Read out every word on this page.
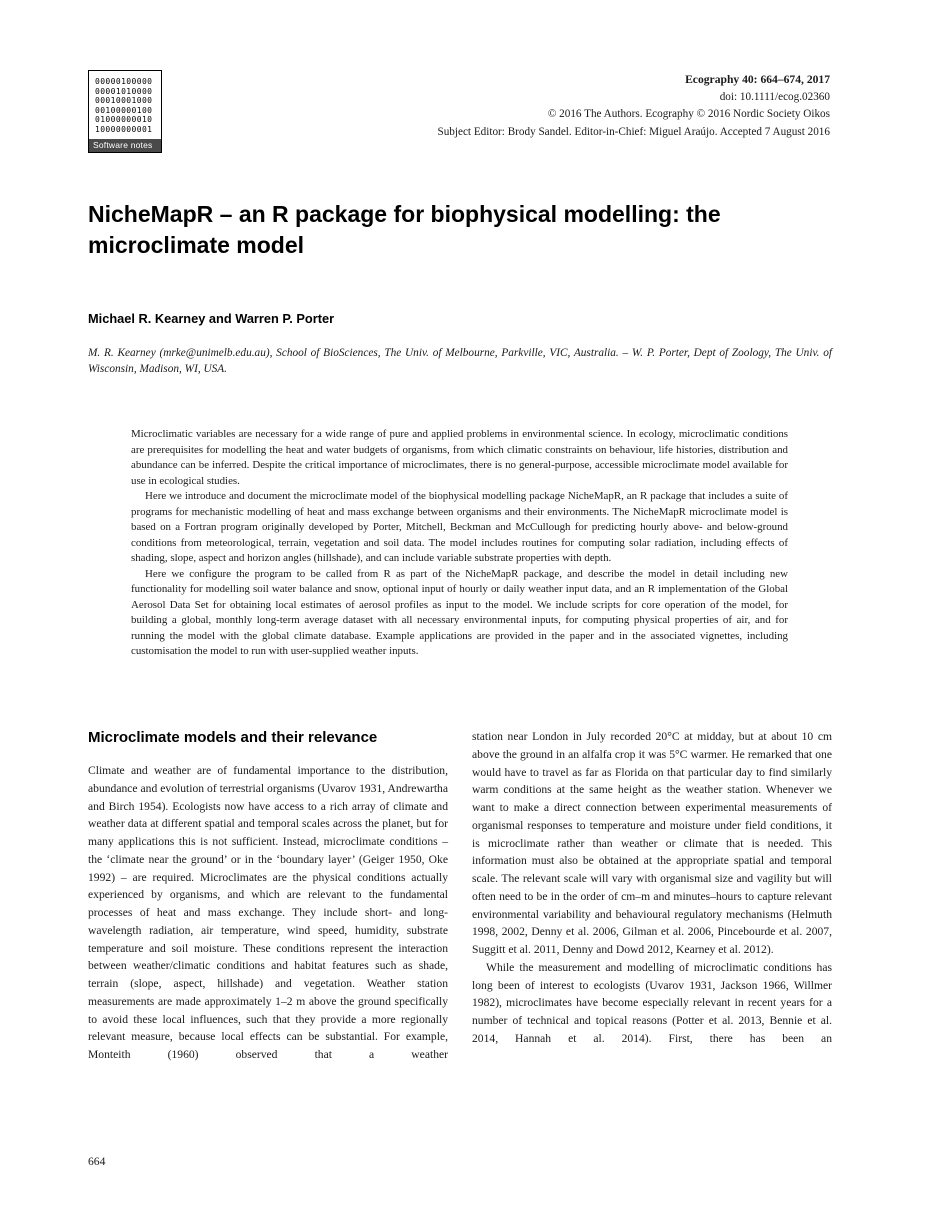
00000100000
00001010000
00010001000
00100000100
01000000010
10000000001
Software notes
Ecography 40: 664–674, 2017
doi: 10.1111/ecog.02360
© 2016 The Authors. Ecography © 2016 Nordic Society Oikos
Subject Editor: Brody Sandel. Editor-in-Chief: Miguel Araújo. Accepted 7 August 2016
NicheMapR – an R package for biophysical modelling: the microclimate model
Michael R. Kearney and Warren P. Porter
M. R. Kearney (mrke@unimelb.edu.au), School of BioSciences, The Univ. of Melbourne, Parkville, VIC, Australia. – W. P. Porter, Dept of Zoology, The Univ. of Wisconsin, Madison, WI, USA.

Microclimatic variables are necessary for a wide range of pure and applied problems in environmental science. In ecology, microclimatic conditions are prerequisites for modelling the heat and water budgets of organisms, from which climatic constraints on behaviour, life histories, distribution and abundance can be inferred. Despite the critical importance of microclimates, there is no general-purpose, accessible microclimate model available for use in ecological studies.

Here we introduce and document the microclimate model of the biophysical modelling package NicheMapR, an R package that includes a suite of programs for mechanistic modelling of heat and mass exchange between organisms and their environments. The NicheMapR microclimate model is based on a Fortran program originally developed by Porter, Mitchell, Beckman and McCullough for predicting hourly above- and below-ground conditions from meteorological, terrain, vegetation and soil data. The model includes routines for computing solar radiation, including effects of shading, slope, aspect and horizon angles (hillshade), and can include variable substrate properties with depth.

Here we configure the program to be called from R as part of the NicheMapR package, and describe the model in detail including new functionality for modelling soil water balance and snow, optional input of hourly or daily weather input data, and an R implementation of the Global Aerosol Data Set for obtaining local estimates of aerosol profiles as input to the model. We include scripts for core operation of the model, for building a global, monthly long-term average dataset with all necessary environmental inputs, for computing physical properties of air, and for running the model with the global climate database. Example applications are provided in the paper and in the associated vignettes, including customisation the model to run with user-supplied weather inputs.

Microclimate models and their relevance

Climate and weather are of fundamental importance to the distribution, abundance and evolution of terrestrial organisms (Uvarov 1931, Andrewartha and Birch 1954). Ecologists now have access to a rich array of climate and weather data at different spatial and temporal scales across the planet, but for many applications this is not sufficient. Instead, microclimate conditions – the ‘climate near the ground’ or in the ‘boundary layer’ (Geiger 1950, Oke 1992) – are required. Microclimates are the physical conditions actually experienced by organisms, and which are relevant to the fundamental processes of heat and mass exchange. They include short- and long-wavelength radiation, air temperature, wind speed, humidity, substrate temperature and soil moisture. These conditions represent the interaction between weather/climatic conditions and habitat features such as shade, terrain (slope, aspect, hillshade) and vegetation. Weather station measurements are made approximately 1–2 m above the ground specifically to avoid these local influences, such that they provide a more regionally relevant measure, because local effects can be substantial. For example, Monteith (1960) observed that a weather

station near London in July recorded 20°C at midday, but at about 10 cm above the ground in an alfalfa crop it was 5°C warmer. He remarked that one would have to travel as far as Florida on that particular day to find similarly warm conditions at the same height as the weather station. Whenever we want to make a direct connection between experimental measurements of organismal responses to temperature and moisture under field conditions, it is microclimate rather than weather or climate that is needed. This information must also be obtained at the appropriate spatial and temporal scale. The relevant scale will vary with organismal size and vagility but will often need to be in the order of cm–m and minutes–hours to capture relevant environmental variability and behavioural regulatory mechanisms (Helmuth 1998, 2002, Denny et al. 2006, Gilman et al. 2006, Pincebourde et al. 2007, Suggitt et al. 2011, Denny and Dowd 2012, Kearney et al. 2012).

While the measurement and modelling of microclimatic conditions has long been of interest to ecologists (Uvarov 1931, Jackson 1966, Willmer 1982), microclimates have become especially relevant in recent years for a number of technical and topical reasons (Potter et al. 2013, Bennie et al. 2014, Hannah et al. 2014). First, there has been an

664
